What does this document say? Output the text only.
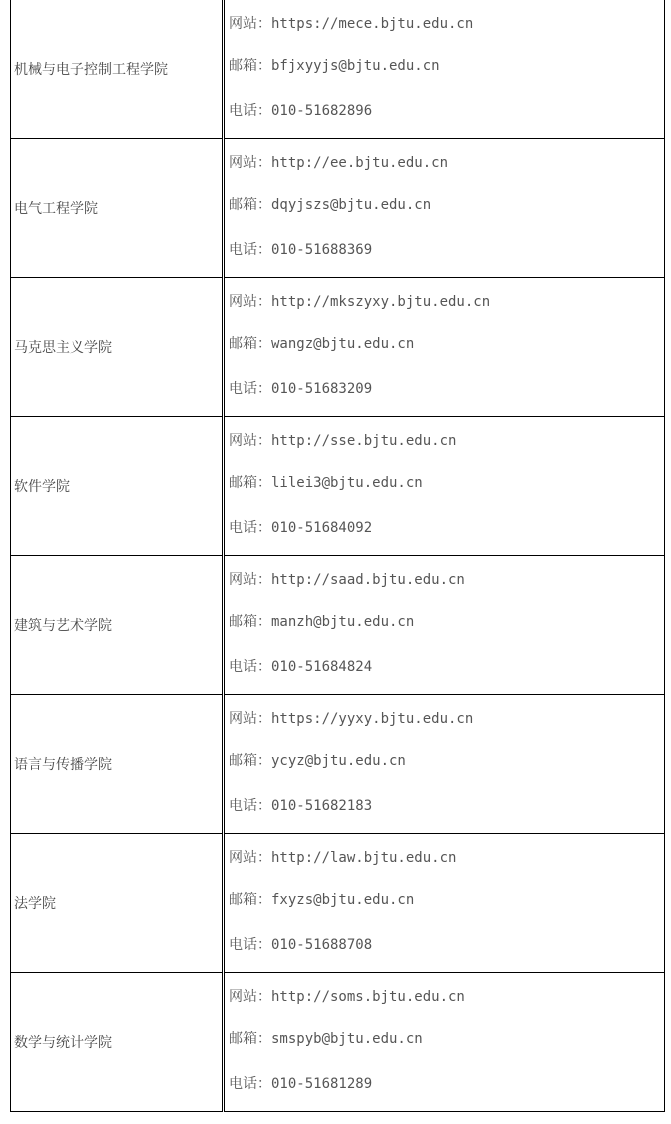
机械与电子控制工程学院	网站：https://mece.bjtu.edu.cn
邮箱：bfjxyyjs@bjtu.edu.cn
电话：010-51682896

电气工程学院	网站：http://ee.bjtu.edu.cn
邮箱：dqyjszs@bjtu.edu.cn
电话：010-51688369

马克思主义学院	网站：http://mkszyxy.bjtu.edu.cn
邮箱：wangz@bjtu.edu.cn
电话：010-51683209

软件学院	网站：http://sse.bjtu.edu.cn
邮箱：lilei3@bjtu.edu.cn
电话：010-51684092

建筑与艺术学院	网站：http://saad.bjtu.edu.cn
邮箱：manzh@bjtu.edu.cn
电话：010-51684824

语言与传播学院	网站：https://yyxy.bjtu.edu.cn
邮箱：ycyz@bjtu.edu.cn
电话：010-51682183

法学院	网站：http://law.bjtu.edu.cn
邮箱：fxyzs@bjtu.edu.cn
电话：010-51688708

数学与统计学院	网站：http://soms.bjtu.edu.cn
邮箱：smspyb@bjtu.edu.cn
电话：010-51681289
